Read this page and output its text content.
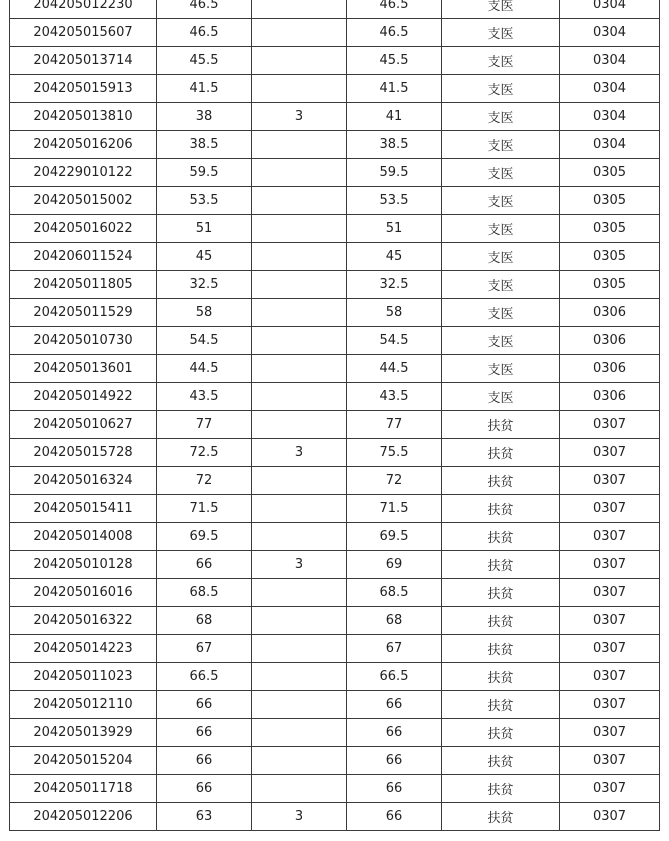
204205012230	46.5		46.5	支医	0304
204205015607	46.5		46.5	支医	0304
204205013714	45.5		45.5	支医	0304
204205015913	41.5		41.5	支医	0304
204205013810	38	3	41	支医	0304
204205016206	38.5		38.5	支医	0304
204229010122	59.5		59.5	支医	0305
204205015002	53.5		53.5	支医	0305
204205016022	51		51	支医	0305
204206011524	45		45	支医	0305
204205011805	32.5		32.5	支医	0305
204205011529	58		58	支医	0306
204205010730	54.5		54.5	支医	0306
204205013601	44.5		44.5	支医	0306
204205014922	43.5		43.5	支医	0306
204205010627	77		77	扶贫	0307
204205015728	72.5	3	75.5	扶贫	0307
204205016324	72		72	扶贫	0307
204205015411	71.5		71.5	扶贫	0307
204205014008	69.5		69.5	扶贫	0307
204205010128	66	3	69	扶贫	0307
204205016016	68.5		68.5	扶贫	0307
204205016322	68		68	扶贫	0307
204205014223	67		67	扶贫	0307
204205011023	66.5		66.5	扶贫	0307
204205012110	66		66	扶贫	0307
204205013929	66		66	扶贫	0307
204205015204	66		66	扶贫	0307
204205011718	66		66	扶贫	0307
204205012206	63	3	66	扶贫	0307
